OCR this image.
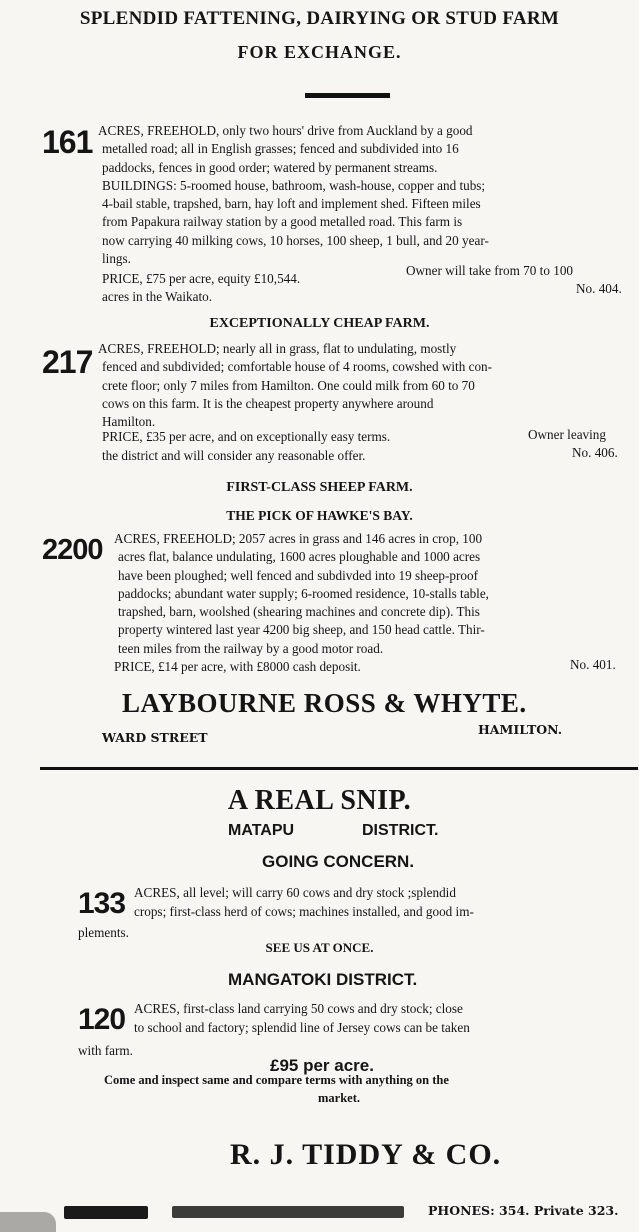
SPLENDID FATTENING, DAIRYING OR STUD FARM
FOR EXCHANGE.
161 ACRES, FREEHOLD, only two hours' drive from Auckland by a good
metalled road; all in English grasses; fenced and subdivided into 16
paddocks, fences in good order; watered by permanent streams.
BUILDINGS: 5-roomed house, bathroom, wash-house, copper and tubs;
4-bail stable, trapshed, barn, hay loft and implement shed. Fifteen miles
from Papakura railway station by a good metalled road. This farm is
now carrying 40 milking cows, 10 horses, 100 sheep, 1 bull, and 20 year-
lings.
PRICE, £75 per acre, equity £10,544.
Owner will take from 70 to 100
acres in the Waikato.
No. 404.
EXCEPTIONALLY CHEAP FARM.
217 ACRES, FREEHOLD; nearly all in grass, flat to undulating, mostly
fenced and subdivided; comfortable house of 4 rooms, cowshed with con-
crete floor; only 7 miles from Hamilton. One could milk from 60 to 70
cows on this farm. It is the cheapest property anywhere around
Hamilton.
PRICE, £35 per acre, and on exceptionally easy terms.	Owner leaving
the district and will consider any reasonable offer.	No. 406.
FIRST-CLASS SHEEP FARM.
THE PICK OF HAWKE'S BAY.
2200 ACRES, FREEHOLD; 2057 acres in grass and 146 acres in crop, 100
acres flat, balance undulating, 1600 acres ploughable and 1000 acres
have been ploughed; well fenced and subdivded into 19 sheep-proof
paddocks; abundant water supply; 6-roomed residence, 10-stalls table,
trapshed, barn, woolshed (shearing machines and concrete dip). This
property wintered last year 4200 big sheep, and 150 head cattle. Thir-
teen miles from the railway by a good motor road.
PRICE, £14 per acre, with £8000 cash deposit.	No. 401.
LAYBOURNE ROSS & WHYTE.
WARD STREET
HAMILTON.
A REAL SNIP.
MATAPU	DISTRICT.
GOING CONCERN.
133 ACRES, all level; will carry 60 cows and dry stock ;splendid
crops; first-class herd of cows; machines installed, and good im-
plements.
SEE US AT ONCE.
MANGATOKI DISTRICT.
120 ACRES, first-class land carrying 50 cows and dry stock; close
to school and factory; splendid line of Jersey cows can be taken
with farm.
£95 per acre.
Come and inspect same and compare terms with anything on the
market.
R. J. TIDDY & CO.
PHONES: 354. Private 323.
